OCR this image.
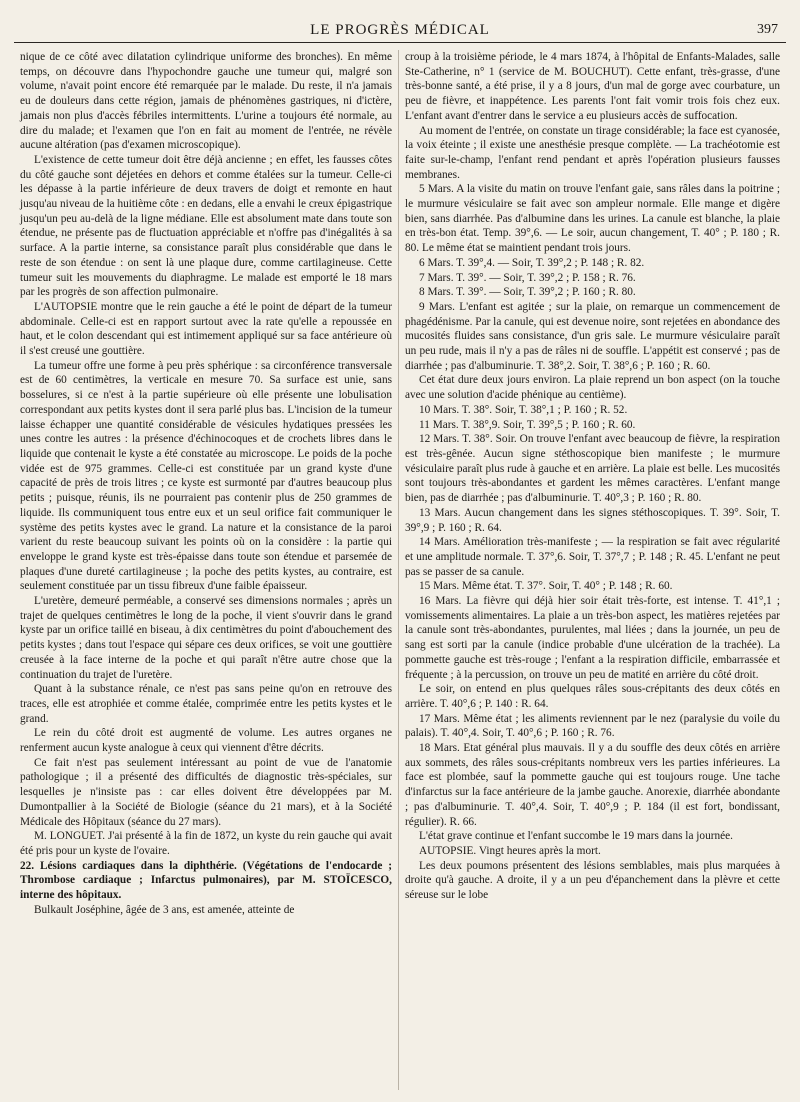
LE PROGRÈS MÉDICAL	397

nique de ce côté avec dilatation cylindrique uniforme des bronches). En même temps, on découvre dans l'hypochondre gauche une tumeur qui, malgré son volume, n'avait point encore été remarquée par le malade. Du reste, il n'a jamais eu de douleurs dans cette région, jamais de phénomènes gastriques, ni d'ictère, jamais non plus d'accès fébriles intermittents. L'urine a toujours été normale, au dire du malade; et l'examen que l'on en fait au moment de l'entrée, ne révèle aucune altération (pas d'examen microscopique).

L'existence de cette tumeur doit être déjà ancienne ; en effet, les fausses côtes du côté gauche sont déjetées en dehors et comme étalées sur la tumeur. Celle-ci les dépasse à la partie inférieure de deux travers de doigt et remonte en haut jusqu'au niveau de la huitième côte : en dedans, elle a envahi le creux épigastrique jusqu'un peu au-delà de la ligne médiane. Elle est absolument mate dans toute son étendue, ne présente pas de fluctuation appréciable et n'offre pas d'inégalités à sa surface. A la partie interne, sa consistance paraît plus considérable que dans le reste de son étendue : on sent là une plaque dure, comme cartilagineuse. Cette tumeur suit les mouvements du diaphragme. Le malade est emporté le 18 mars par les progrès de son affection pulmonaire.

L'AUTOPSIE montre que le rein gauche a été le point de départ de la tumeur abdominale. Celle-ci est en rapport surtout avec la rate qu'elle a repoussée en haut, et le colon descendant qui est intimement appliqué sur sa face antérieure où il s'est creusé une gouttière.

La tumeur offre une forme à peu près sphérique : sa circonférence transversale est de 60 centimètres, la verticale en mesure 70. Sa surface est unie, sans bosselures, si ce n'est à la partie supérieure où elle présente une lobulisation correspondant aux petits kystes dont il sera parlé plus bas. L'incision de la tumeur laisse échapper une quantité considérable de vésicules hydatiques pressées les unes contre les autres : la présence d'échinocoques et de crochets libres dans le liquide que contenait le kyste a été constatée au microscope. Le poids de la poche vidée est de 975 grammes. Celle-ci est constituée par un grand kyste d'une capacité de près de trois litres ; ce kyste est surmonté par d'autres beaucoup plus petits ; puisque, réunis, ils ne pourraient pas contenir plus de 250 grammes de liquide. Ils communiquent tous entre eux et un seul orifice fait communiquer le système des petits kystes avec le grand. La nature et la consistance de la paroi varient du reste beaucoup suivant les points où on la considère : la partie qui enveloppe le grand kyste est très-épaisse dans toute son étendue et parsemée de plaques d'une dureté cartilagineuse ; la poche des petits kystes, au contraire, est seulement constituée par un tissu fibreux d'une faible épaisseur.

L'uretère, demeuré perméable, a conservé ses dimensions normales ; après un trajet de quelques centimètres le long de la poche, il vient s'ouvrir dans le grand kyste par un orifice taillé en biseau, à dix centimètres du point d'abouchement des petits kystes ; dans tout l'espace qui sépare ces deux orifices, se voit une gouttière creusée à la face interne de la poche et qui paraît n'être autre chose que la continuation du trajet de l'uretère.

Quant à la substance rénale, ce n'est pas sans peine qu'on en retrouve des traces, elle est atrophiée et comme étalée, comprimée entre les petits kystes et le grand.

Le rein du côté droit est augmenté de volume. Les autres organes ne renferment aucun kyste analogue à ceux qui viennent d'être décrits.

Ce fait n'est pas seulement intéressant au point de vue de l'anatomie pathologique ; il a présenté des difficultés de diagnostic très-spéciales, sur lesquelles je n'insiste pas : car elles doivent être développées par M. Dumontpallier à la Société de Biologie (séance du 21 mars), et à la Société Médicale des Hôpitaux (séance du 27 mars).

M. LONGUET. J'ai présenté à la fin de 1872, un kyste du rein gauche qui avait été pris pour un kyste de l'ovaire.

22. Lésions cardiaques dans la diphthérie. (Végétations de l'endocarde ; Thrombose cardiaque ; Infarctus pulmonaires), par M. STOÏCESCO, interne des hôpitaux.

Bulkault Joséphine, âgée de 3 ans, est amenée, atteinte de

croup à la troisième période, le 4 mars 1874, à l'hôpital de Enfants-Malades, salle Ste-Catherine, n° 1 (service de M. BOUCHUT). Cette enfant, très-grasse, d'une très-bonne santé, a été prise, il y a 8 jours, d'un mal de gorge avec courbature, un peu de fièvre, et inappétence. Les parents l'ont fait vomir trois fois chez eux. L'enfant avant d'entrer dans le service a eu plusieurs accès de suffocation.

Au moment de l'entrée, on constate un tirage considérable; la face est cyanosée, la voix éteinte ; il existe une anesthésie presque complète. — La trachéotomie est faite sur-le-champ, l'enfant rend pendant et après l'opération plusieurs fausses membranes.

5 Mars. A la visite du matin on trouve l'enfant gaie, sans râles dans la poitrine ; le murmure vésiculaire se fait avec son ampleur normale. Elle mange et digère bien, sans diarrhée. Pas d'albumine dans les urines. La canule est blanche, la plaie en très-bon état. Temp. 39°,6. — Le soir, aucun changement, T. 40° ; P. 180 ; R. 80. Le même état se maintient pendant trois jours.

6 Mars. T. 39°,4. — Soir, T. 39°,2 ; P. 148 ; R. 82.

7 Mars. T. 39°. — Soir, T. 39°,2 ; P. 158 ; R. 76.

8 Mars. T. 39°. — Soir, T. 39°,2 ; P. 160 ; R. 80.

9 Mars. L'enfant est agitée ; sur la plaie, on remarque un commencement de phagédénisme. Par la canule, qui est devenue noire, sont rejetées en abondance des mucosités fluides sans consistance, d'un gris sale. Le murmure vésiculaire paraît un peu rude, mais il n'y a pas de râles ni de souffle. L'appétit est conservé ; pas de diarrhée ; pas d'albuminurie. T. 38°,2. Soir, T. 38°,6 ; P. 160 ; R. 60.

Cet état dure deux jours environ. La plaie reprend un bon aspect (on la touche avec une solution d'acide phénique au centième).

10 Mars. T. 38°. Soir, T. 38°,1 ; P. 160 ; R. 52.

11 Mars. T. 38°,9. Soir, T. 39°,5 ; P. 160 ; R. 60.

12 Mars. T. 38°. Soir. On trouve l'enfant avec beaucoup de fièvre, la respiration est très-gênée. Aucun signe stéthoscopique bien manifeste ; le murmure vésiculaire paraît plus rude à gauche et en arrière. La plaie est belle. Les mucosités sont toujours très-abondantes et gardent les mêmes caractères. L'enfant mange bien, pas de diarrhée ; pas d'albuminurie. T. 40°,3 ; P. 160 ; R. 80.

13 Mars. Aucun changement dans les signes stéthoscopiques. T. 39°. Soir, T. 39°,9 ; P. 160 ; R. 64.

14 Mars. Amélioration très-manifeste ; — la respiration se fait avec régularité et une amplitude normale. T. 37°,6. Soir, T. 37°,7 ; P. 148 ; R. 45. L'enfant ne peut pas se passer de sa canule.

15 Mars. Même état. T. 37°. Soir, T. 40° ; P. 148 ; R. 60.

16 Mars. La fièvre qui déjà hier soir était très-forte, est intense. T. 41°,1 ; vomissements alimentaires. La plaie a un très-bon aspect, les matières rejetées par la canule sont très-abondantes, purulentes, mal liées ; dans la journée, un peu de sang est sorti par la canule (indice probable d'une ulcération de la trachée). La pommette gauche est très-rouge ; l'enfant a la respiration difficile, embarrassée et fréquente ; à la percussion, on trouve un peu de matité en arrière du côté droit.

Le soir, on entend en plus quelques râles sous-crépitants des deux côtés en arrière. T. 40°,6 ; P. 140 : R. 64.

17 Mars. Même état ; les aliments reviennent par le nez (paralysie du voile du palais). T. 40°,4. Soir, T. 40°,6 ; P. 160 ; R. 76.

18 Mars. Etat général plus mauvais. Il y a du souffle des deux côtés en arrière aux sommets, des râles sous-crépitants nombreux vers les parties inférieures. La face est plombée, sauf la pommette gauche qui est toujours rouge. Une tache d'infarctus sur la face antérieure de la jambe gauche. Anorexie, diarrhée abondante ; pas d'albuminurie. T. 40°,4. Soir, T. 40°,9 ; P. 184 (il est fort, bondissant, régulier). R. 66.

L'état grave continue et l'enfant succombe le 19 mars dans la journée.

AUTOPSIE. Vingt heures après la mort.

Les deux poumons présentent des lésions semblables, mais plus marquées à droite qu'à gauche. A droite, il y a un peu d'épanchement dans la plèvre et cette séreuse sur le lobe
